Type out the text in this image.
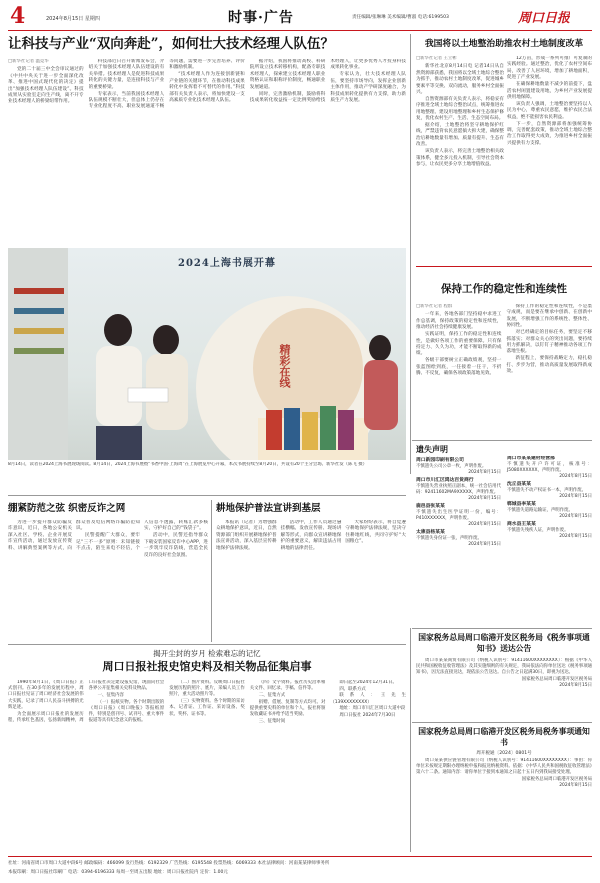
4	2024年8月15日 星期四	时事·广告	责任编辑/张琳琳 美术编辑/曹淑 电话:6199503	周口日报
让科技与产业“双向奔赴”，如何壮大技术经理人队伍？
□新华社记者 温竞华

党的二十届三中全会审议通过的《中共中央关于进一步全面深化改革、推进中国式现代化的决定》提出“加强技术经理人队伍建设”。科技成果从实验室走向生产线，离不开专业技术经理人的桥梁纽带作用。

科技部近日召开新闻发布会，介绍关于加强技术经理人队伍建设的有关举措。技术经理人是促进科技成果转化的关键力量，是连接科技与产业的重要桥梁。

专家表示，当前我国技术经理人队伍规模不断壮大，但总体上仍存在专业化程度不高、职业发展通道不畅等问题，需要进一步完善培养、评价和激励机制。

“技术经理人作为连接创新链和产业链的关键环节，在推动科技成果转化中发挥着不可替代的作用。”科技部有关负责人表示，将加快建设一支高素质专业化技术经理人队伍。

据介绍，我国将推动高校、科研院所设立技术转移机构，配备专职技术经理人，探索建立技术经理人职业资格认证和职称评价制度，畅通职业发展通道。

同时，完善激励机制，鼓励将科技成果转化收益按一定比例奖励给技术经理人，让更多优秀人才投身科技成果转化事业。

专家认为，壮大技术经理人队伍，要坚持市场导向，发挥企业创新主体作用，推动产学研深度融合，为科技成果转化提供有力支撑，助力新质生产力发展。

2024上海书展开幕
精彩在线
8月14日，读者在2024上海书展现场阅读。8月14日，2024上海书展暨“书香中国·上海周”在上海展览中心开幕，本次书展持续至8月20日，共设有20个主分会场。新华社发（陈飞 摄）
我国将以土地整治助推农村土地制度改革
□新华社记者 王立彬

新华社北京8月14日电 记者14日从自然资源部获悉，我国将以全域土地综合整治为抓手，推动农村土地制度改革，促进城乡要素平等交换、双向流动，服务乡村全面振兴。

自然资源部有关负责人表示，将稳妥有序推进全域土地综合整治试点，统筹推进农用地整理、建设用地整理和乡村生态保护修复，优化农村生产、生活、生态空间布局。

据介绍，土地整治将坚守耕地保护红线，严禁违背农民意愿搞大拆大建，确保整治后耕地数量有增加、质量有提升、生态有改善。

该负责人表示，将完善土地整治相关政策体系，健全多元投入机制，引导社会资本参与，让农民更多分享土地增值收益。

12万亩，形成一系列可推广可复制的实践经验。通过整治，优化了农村空间布局，改善了人居环境，增加了耕地面积，促进了产业发展。

在确保耕地数量不减少的前提下，盘活农村闲置建设用地，为乡村产业发展提供用地保障。

该负责人强调，土地整治要坚持以人民为中心，尊重农民意愿，维护农民合法权益，绝不能损害农民利益。

下一步，自然资源部将加强统筹协调，完善配套政策，推动全域土地综合整治工作取得更大成效，为推进乡村全面振兴提供有力支撑。

保持工作的稳定性和连续性
□新华社记者 程群

一年来，各地各部门坚持稳中求进工作总基调，保持政策的稳定性和连续性，推动经济社会持续健康发展。

实践证明，保持工作的稳定性和连续性，是做好各项工作的重要保障。只有保持定力、久久为功，才能不断取得新的成绩。

各级干部要树立正确政绩观，坚持一张蓝图绘到底，一任接着一任干，不折腾、不反复，确保各项政策落地见效。

保持工作的稳定性和连续性，不是墨守成规，而是要在继承中创新、在创新中发展，不断增强工作的系统性、整体性、协同性。

对已经确定的目标任务，要坚定不移抓落实；对群众关心的突出问题，要持续用力抓解决，以钉钉子精神推动各项工作落地生根。

新征程上，要保持战略定力，稳扎稳打、步步为营，推动高质量发展取得新成效。

遗失声明
周口新园印刷有限公司
不慎遗失公司公章一枚，声明作废。
2024年8月15日
周口市川汇区鸿达百货商行
不慎遗失营业执照正副本，统一社会信用代码：92411602MA9XXXXX，声明作废。
2024年8月15日
鹿邑县张某某
不慎遗失出生医学证明一份，编号：P410XXXXXX，声明作废。
2024年8月15日
太康县杨某某
不慎遗失身份证一张，声明作废。
2024年8月15日
周口市某某建材经营部
不慎遗失开户许可证，核准号：J5080XXXXXX，声明作废。
2024年8月15日
沈丘县某某
不慎遗失不动产权证书一本，声明作废。
2024年8月15日
郸城县李某某
不慎遗失道路运输证，声明作废。
2024年8月15日
商水县王某某
不慎遗失残疾人证，声明作废。
2024年8月15日
绷紧防范之弦 织密反诈之网

为进一步提升群众防骗反诈意识，近日，各地公安机关深入社区、学校、企业开展反诈宣传活动，通过发放宣传资料、讲解典型案例等方式，向群众普及电信网络诈骗防范知识。

民警提醒广大群众，要牢记“三不一多”原则：未知链接不点击，陌生来电不轻信，个人信息不透露，转账汇款多核实，守护好自己的“钱袋子”。

活动中，民警还指导群众下载安装国家反诈中心APP，进一步筑牢反诈防线，营造全民反诈的良好社会氛围。

耕地保护普法宣讲到基层

本报讯（记者）为增强群众耕地保护意识，近日，自然资源部门组织开展耕地保护普法宣讲活动，深入基层宣传耕地保护法律法规。

活动中，工作人员通过悬挂横幅、发放宣传册、现场讲解等形式，向群众宣讲耕地保护的重要意义，解读违法占用耕地的法律责任。

大家纷纷表示，将自觉遵守耕地保护法律法规，坚决守住耕地红线，共同守护好“大国粮仓”。

揭开尘封的岁月 检索难忘的记忆
周口日报社报史馆史料及相关物品征集启事

1990年8月1日，《周口日报》正式创刊。在30多年的发展历程中，周口日报社见证了周口经济社会发展的伟大实践，记录了周口人民奋斗拼搏的光辉足迹。

为全面展示周口日报社的发展历程，传承红色基因，弘扬新闻精神，周口日报社决定建设报史馆，现面向社会各界公开征集相关史料及物品。

一、征集内容

（一）报纸实物。各个时期出版的《周口日报》《周口晚报》等报纸原件，特别是创刊号、试刊号、重大事件报道等具有纪念意义的报纸。

（二）图片资料。反映周口日报社发展历程的照片、底片，采编人员工作照片，重大活动照片等。

（三）实物资料。各个时期的采访本、记者证、工作证、采访设备、奖状、奖杯、证书等。

（四）文字资料。报社历史沿革相关文件、回忆录、手稿、信件等。

二、征集方式

捐赠、借展、复制等方式均可。对提供重要史料的单位和个人，报社将颁发收藏证书并给予适当奖励。

三、征集时间

即日起至2024年12月31日。

四、联系方式

联系人：王先生（139XXXXXXXX）

地址：周口市川汇区周口大道中段

周口日报社 2024年7月30日

国家税务总局周口临港开发区税务局《税务事项通知书》送达公告

周口市某某商贸有限公司（纳税人识别号：91411600XXXXXXXX）：根据《中华人民共和国税收征收管理法》及其实施细则的有关规定，我局依法向你单位送达《税务事项通知书》，因无法直接送达，现依法公告送达。自公告之日起满30日，即视为送达。

国家税务总局周口临港开发区税务局
2024年8月15日
国家税务总局周口临港开发区税务局税务事项通知书
周开税通〔2024〕0801号

周口某某供应链管理有限公司（纳税人识别号：91411600XXXXXXXX）：事由：你单位未按规定期限办理纳税申报和报送纳税资料。依据：《中华人民共和国税收征收管理法》第六十二条。通知内容：请你单位于接到本通知之日起十五日内到我局接受处理。

国家税务总局周口临港开发区税务局
2024年8月15日
社址：河南省周口市周口大道中段6号 邮政编码：466099 发行热线：6192329 广告热线：6195548 投票热线：6069333 本社法律顾问：河南某某律师事务所
本报印刷：周口日报社印刷厂 电话：0394-6196333 每周一至周五出版 地址：周口日报社院内 定价：1.00元
